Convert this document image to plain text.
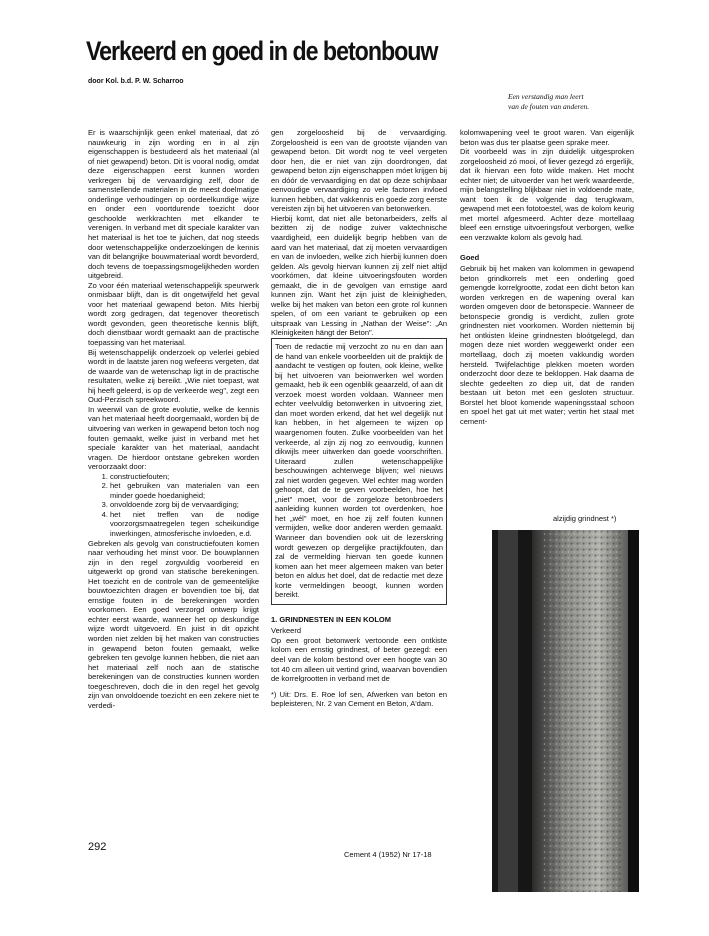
Verkeerd en goed in de betonbouw
door Kol. b.d. P. W. Scharroo
Een verstandig man leert
van de fouten van anderen.

Er is waarschijnlijk geen enkel materiaal, dat zó nauwkeurig in zijn wording en in al zijn eigenschappen is bestudeerd als het materiaal (al of niet gewapend) beton. Dit is vooral nodig, omdat deze eigenschappen eerst kunnen worden verkregen bij de vervaardiging zelf, door de samenstellende materialen in de meest doelmatige onderlinge verhoudingen op oordeelkundige wijze en onder een voortdurende toezicht door geschoolde werkkrachten met elkander te verenigen. In verband met dit speciale karakter van het materiaal is het toe te juichen, dat nog steeds door wetenschappelijke onderzoekingen de kennis van dit belangrijke bouwmateriaal wordt bevorderd, doch tevens de toepassingsmogelijkheden worden uitgebreid.

Zo voor één materiaal wetenschappelijk speurwerk onmisbaar blijft, dan is dit ongetwijfeld het geval voor het materiaal gewapend beton. Mits hierbij wordt zorg gedragen, dat tegenover theoretisch wordt gevonden, geen theoretische kennis blijft, doch dienstbaar wordt gemaakt aan de practische toepassing van het materiaal.

Bij wetenschappelijk onderzoek op velerlei gebied wordt in de laatste jaren nog wefeens vergeten, dat de waarde van de wetenschap ligt in de practische resultaten, welke zij bereikt. „Wie niet toepast, wat hij heeft geleerd, is op de verkeerde weg", zegt een Oud-Perzisch spreekwoord.

In weerwil van de grote evolutie, welke de kennis van het materiaal heeft doorgemaakt, worden bij de uitvoering van werken in gewapend beton toch nog fouten gemaakt, welke juist in verband met het speciale karakter van het materiaal, aandacht vragen. De hierdoor ontstane gebreken worden veroorzaakt door:

1. constructiefouten;
2. het gebruiken van materialen van een minder goede hoedanigheid;
3. onvoldoende zorg bij de vervaardiging;
4. het niet treffen van de nodige voorzorgsmaatregelen tegen scheikundige inwerkingen, atmosferische invloeden, e.d.

Gebreken als gevolg van constructiefouten komen naar verhouding het minst voor. De bouwplannen zijn in den regel zorgvuldig voorbereid en uitgewerkt op grond van statische berekeningen. Het toezicht en de controle van de gemeentelijke bouwtoezichten dragen er bovendien toe bij, dat ernstige fouten in de berekeningen worden voorkomen. Een goed verzorgd ontwerp krijgt echter eerst waarde, wanneer het op deskundige wijze wordt uitgevoerd. En juist in dit opzicht worden niet zelden bij het maken van constructies in gewapend beton fouten gemaakt, welke gebreken ten gevolge kunnen hebben, die niet aan het materiaal zelf noch aan de statische berekeningen van de constructies kunnen worden toegeschreven, doch die in den regel het gevolg zijn van onvoldoende toezicht en een zekere niet te verdedi-

gen zorgeloosheid bij de vervaardiging. Zorgeloosheid is een van de grootste vijanden van gewapend beton. Dit wordt nog te veel vergeten door hen, die er niet van zijn doordrongen, dat gewapend beton zijn eigenschappen móet krijgen bij en dóór de vervaardiging en dat op deze schijnbaar eenvoudige vervaardiging zo vele factoren invloed kunnen hebben, dat vakkennis en goede zorg eerste vereisten zijn bij het uitvoeren van betonwerken.

Hierbij komt, dat niet alle betonarbeiders, zelfs al bezitten zij de nodige zuiver vaktechnische vaardigheid, een duidelijk begrip hebben van de aard van het materiaal, dat zij moeten vervaardigen en van de invloeden, welke zich hierbij kunnen doen gelden. Als gevolg hiervan kunnen zij zelf niet altijd voorkómen, dat kleine uitvoeringsfouten worden gemaakt, die in de gevolgen van ernstige aard kunnen zijn. Want het zijn juist de kleinigheden, welke bij het maken van beton een grote rol kunnen spelen, of om een variant te gebruiken op een uitspraak van Lessing in „Nathan der Weise": „An Kleinigkeiten hängt der Beton".

Toen de redactie mij verzocht zo nu en dan aan de hand van enkele voorbeelden uit de praktijk de aandacht te vestigen op fouten, ook kleine, welke bij het uitvoeren van beionwerken wel worden gemaakt, heb ik een ogenblik geaarzeld, of aan dit verzoek moest worden voldaan. Wanneer men echter veelvuldig betonwerken in uitvoering ziet, dan moet worden erkend, dat het wel degelijk nut kan hebben, in het algemeen te wijzen op waargenomen fouten. Zulke voorbeelden van het verkeerde, al zijn zij nog zo eenvoudig, kunnen dikwijls meer uitwerken dan goede voorschriften. Uiteraard zullen wetenschappelijke beschouwingen achterwege blijven; wel nieuws zal niet worden gegeven. Wel echter mag worden gehoopt, dat de te geven voorbeelden, hoe het „niet" moet, voor de zorgeloze betonbroeders aanleiding kunnen worden tot overdenken, hoe het „wél" moet, en hoe zij zelf fouten kunnen vermijden, welke door anderen werden gemaakt. Wanneer dan bovendien ook uit de lezerskring wordt gewezen op dergelijke practijkfouten, dan zal de vermelding hiervan ten goede kunnen komen aan het meer algemeen maken van beter beton en aldus het doel, dat de redactie met deze korte vermeldingen beoogt, kunnen worden bereikt.

1. GRINDNESTEN IN EEN KOLOM

Verkeerd

Op een groot betonwerk vertoonde een ontkiste kolom een ernstig grindnest, of beter gezegd: een deel van de kolom bestond over een hoogte van 30 tot 40 cm alleen uit vertind grind, waarvan bovendien de korrelgrootten in verband met de

*) Uit: Drs. E. Roe lof sen, Afwerken van beton en bepleisteren, Nr. 2 van Cement en Beton, A'dam.

kolomwapening veel te groot waren. Van eigenlijk beton was dus ter plaatse geen sprake meer.

Dit voorbeeld was in zijn duidelijk uitgesproken zorgeloosheid zó mooi, of liever gezegd zó ergerlijk, dat ik hiervan een foto wilde maken. Het mocht echter niet; de uitvoerder van het werk waardeerde, mijn belangstelling blijkbaar niet in voldoende mate, want toen ik de volgende dag terugkwam, gewapend met een fototoestel, was de kolom keurig met mortel afgesmeerd. Achter deze mortellaag bleef een ernstige uitvoeringsfout verborgen, welke een verzwakte kolom als gevolg had.

Goed

Gebruik bij het maken van kolommen in gewapend beton grindkorrels met een onderling goed gemengde korrelgrootte, zodat een dicht beton kan worden verkregen en de wapening overal kan worden omgeven door de betonspecie. Wanneer de betonspecie grondig is verdicht, zullen grote grindnesten niet voorkomen. Worden niettemin bij het ontkisten kleine grindnesten bloótgelegd, dan mogen deze niet worden weggewerkt onder een mortellaag, doch zij moeten vakkundig worden hersteld. Twijfelachtige plekken moeten worden onderzocht door deze te bekloppen. Hak daarna de slechte gedeelten zo diep uit, dat de randen bestaan uit beton met een gesloten structuur. Borstel het bloot komende wapeningsstaal schoon en spoel het gat uit met water; vertin het staal met cement-

alzijdig grindnest *)
292
Cement 4 (1952) Nr 17-18
